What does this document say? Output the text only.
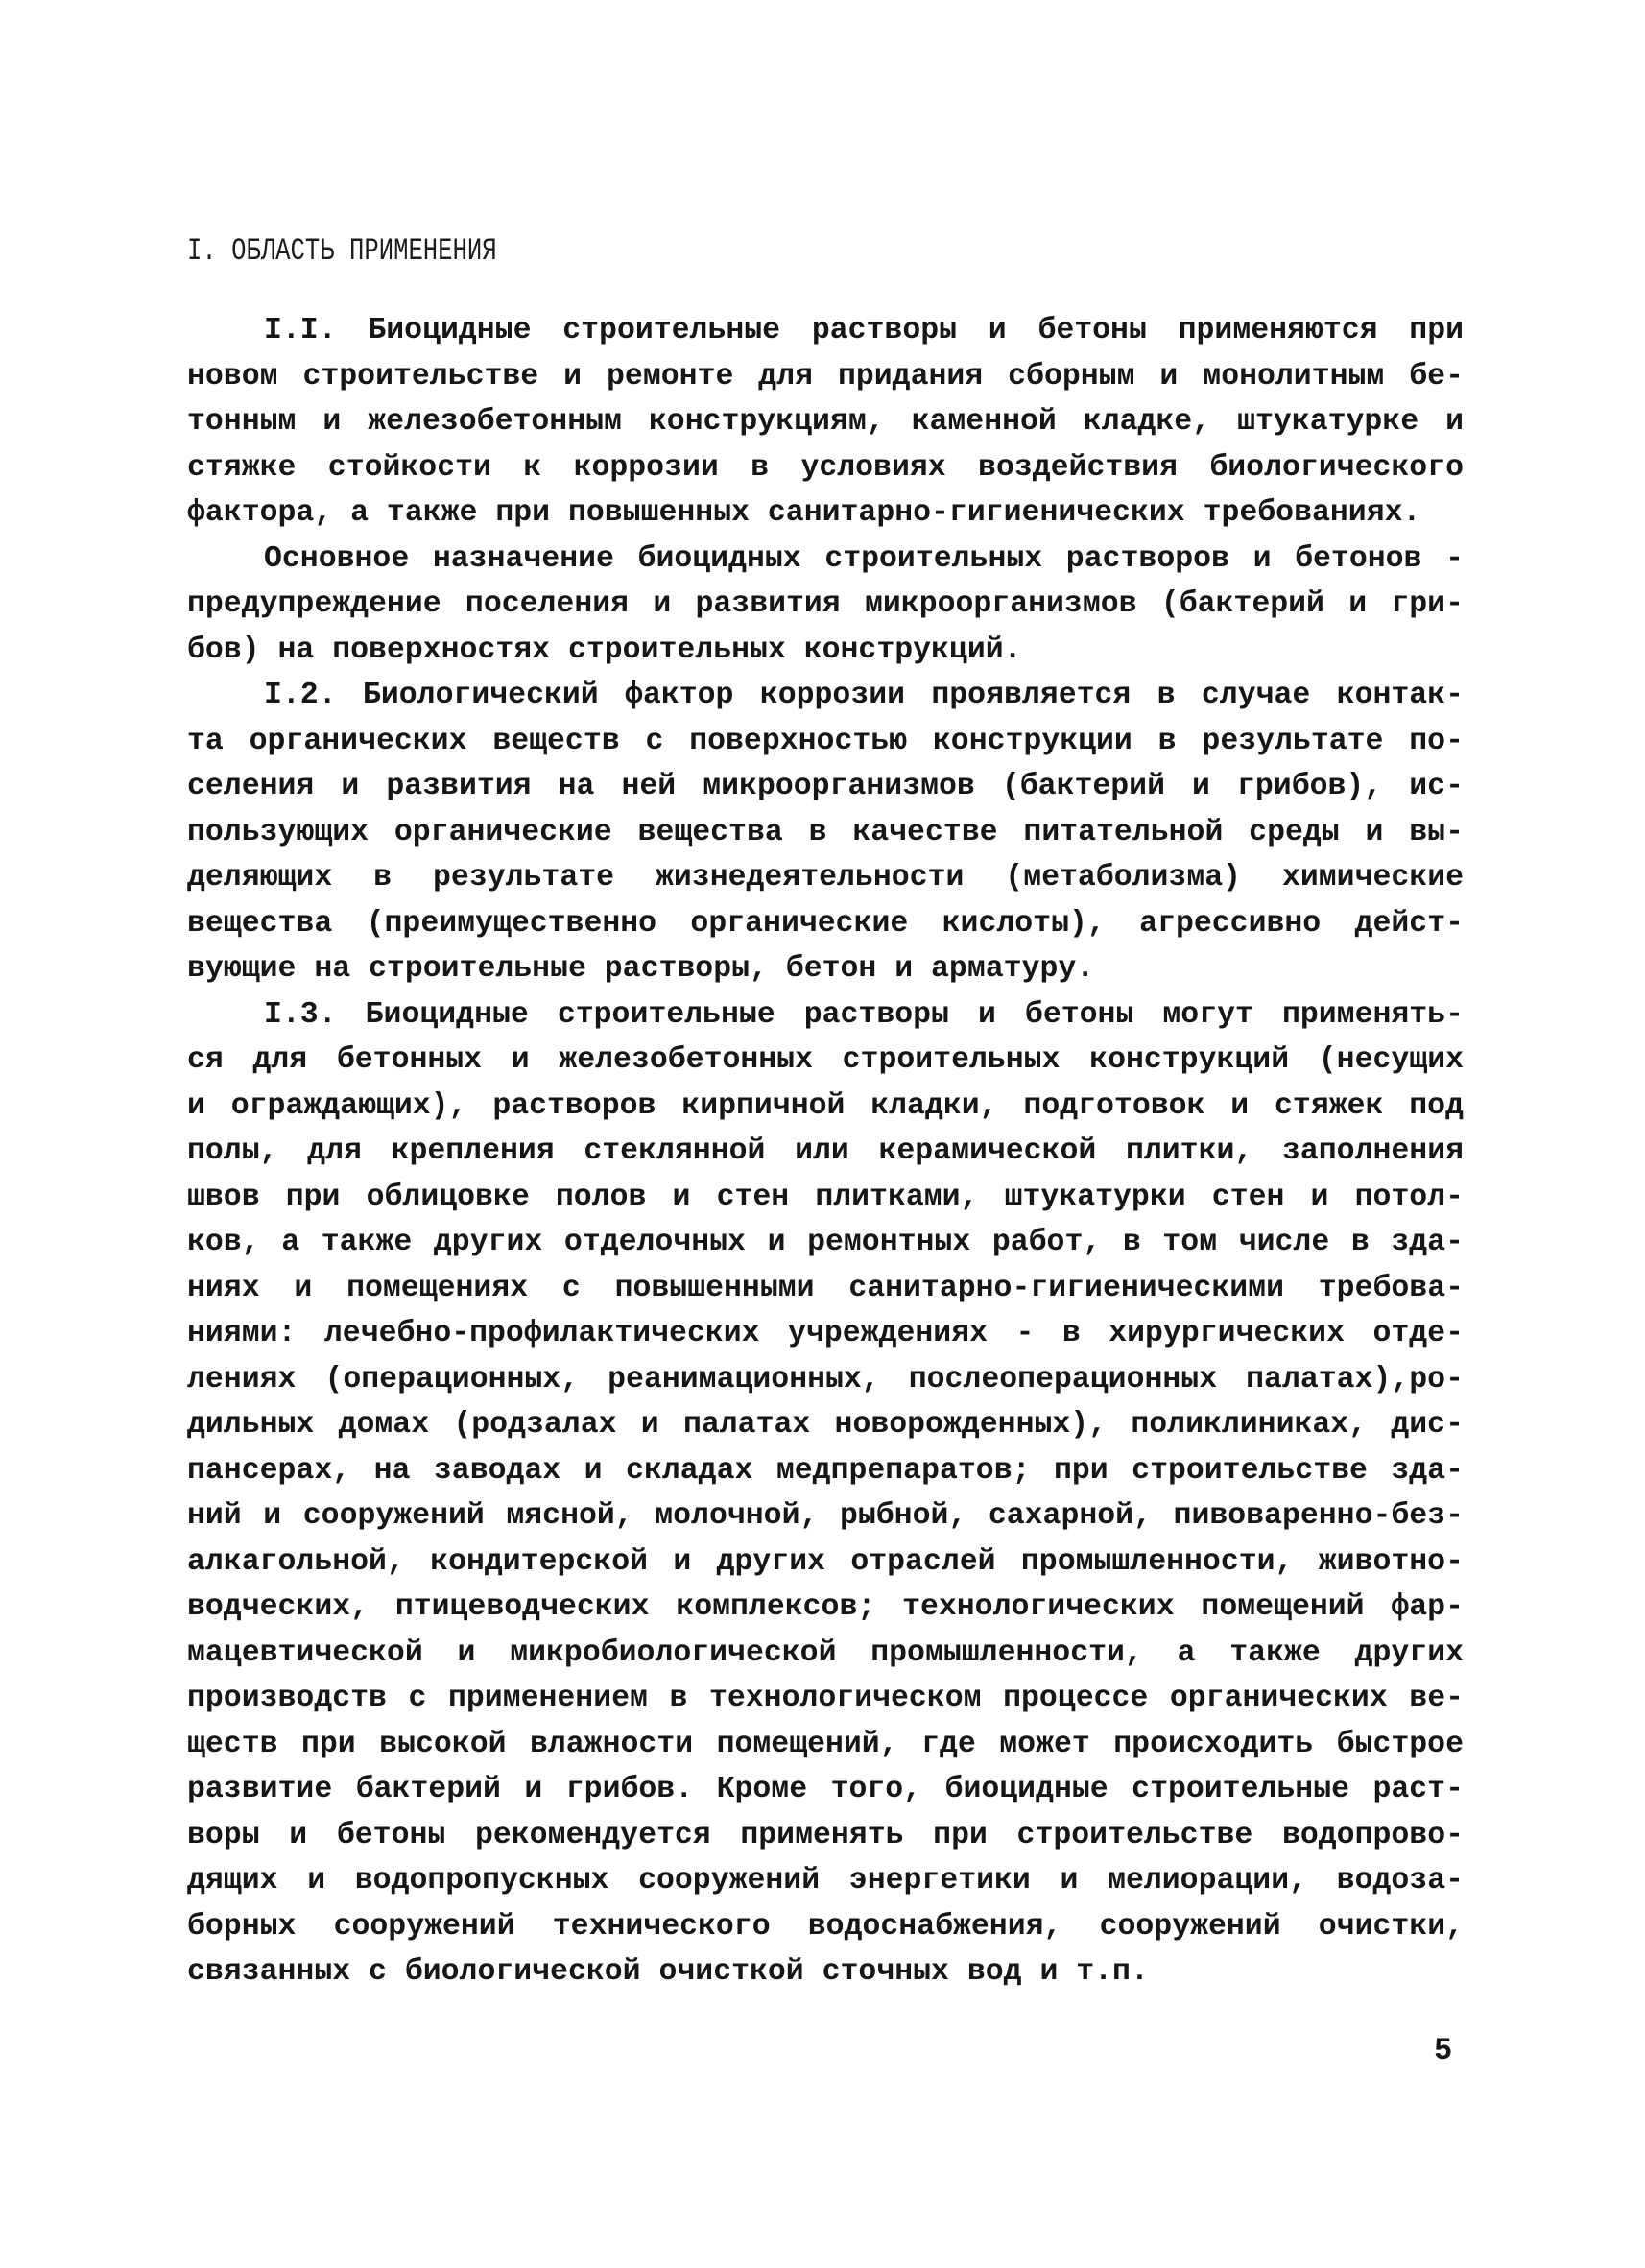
I. ОБЛАСТЬ ПРИМЕНЕНИЯ
I.I. Биоцидные строительные растворы и бетоны применяются при
новом строительстве и ремонте для придания сборным и монолитным бе-
тонным и железобетонным конструкциям, каменной кладке, штукатурке и
стяжке стойкости к коррозии в условиях воздействия биологического
фактора, а также при повышенных санитарно-гигиенических требованиях.
Основное назначение биоцидных строительных растворов и бетонов -
предупреждение поселения и развития микроорганизмов (бактерий и гри-
бов) на поверхностях строительных конструкций.
I.2. Биологический фактор коррозии проявляется в случае контак-
та органических веществ с поверхностью конструкции в результате по-
селения и развития на ней микроорганизмов (бактерий и грибов), ис-
пользующих органические вещества в качестве питательной среды и вы-
деляющих в результате жизнедеятельности (метаболизма) химические
вещества (преимущественно органические кислоты), агрессивно дейст-
вующие на строительные растворы, бетон и арматуру.
I.3. Биоцидные строительные растворы и бетоны могут применять-
ся для бетонных и железобетонных строительных конструкций (несущих
и ограждающих), растворов кирпичной кладки, подготовок и стяжек под
полы, для крепления стеклянной или керамической плитки, заполнения
швов при облицовке полов и стен плитками, штукатурки стен и потол-
ков, а также других отделочных и ремонтных работ, в том числе в зда-
ниях и помещениях с повышенными санитарно-гигиеническими требова-
ниями: лечебно-профилактических учреждениях - в хирургических отде-
лениях (операционных, реанимационных, послеоперационных палатах),ро-
дильных домах (родзалах и палатах новорожденных), поликлиниках, дис-
пансерах, на заводах и складах медпрепаратов; при строительстве зда-
ний и сооружений мясной, молочной, рыбной, сахарной, пивоваренно-без-
алкагольной, кондитерской и других отраслей промышленности, животно-
водческих, птицеводческих комплексов; технологических помещений фар-
мацевтической и микробиологической промышленности, а также других
производств с применением в технологическом процессе органических ве-
ществ при высокой влажности помещений, где может происходить быстрое
развитие бактерий и грибов. Кроме того, биоцидные строительные раст-
воры и бетоны рекомендуется применять при строительстве водопрово-
дящих и водопропускных сооружений энергетики и мелиорации, водоза-
борных сооружений технического водоснабжения, сооружений очистки,
связанных с биологической очисткой сточных вод и т.п.
5
